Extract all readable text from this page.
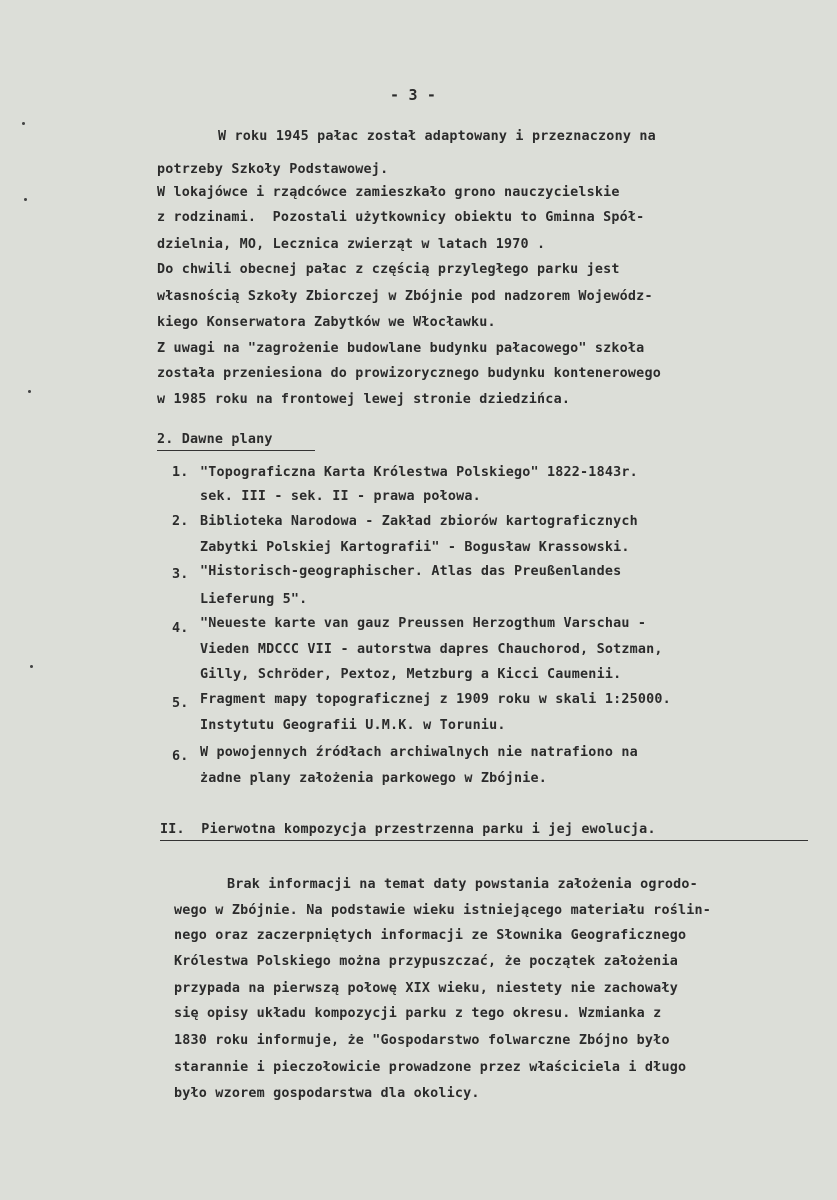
- 3 -
W roku 1945 pałac został adaptowany i przeznaczony na
potrzeby Szkoły Podstawowej.
W lokajówce i rządcówce zamieszkało grono nauczycielskie
z rodzinami.  Pozostali użytkownicy obiektu to Gminna Spół-
dzielnia, MO, Lecznica zwierząt w latach 1970 .
Do chwili obecnej pałac z częścią przyległego parku jest
własnością Szkoły Zbiorczej w Zbójnie pod nadzorem Wojewódz-
kiego Konserwatora Zabytków we Włocławku.
Z uwagi na "zagrożenie budowlane budynku pałacowego" szkoła
została przeniesiona do prowizorycznego budynku kontenerowego
w 1985 roku na frontowej lewej stronie dziedzińca.
2. Dawne plany
1. "Topograficzna Karta Królestwa Polskiego" 1822-1843r.
sek. III - sek. II - prawa połowa.
2. Biblioteka Narodowa - Zakład zbiorów kartograficznych
Zabytki Polskiej Kartografii" - Bogusław Krassowski.
3. "Historisch-geographischer. Atlas das Preußenlandes
Lieferung 5".
4. "Neueste karte van gauz Preussen Herzogthum Varschau -
Vieden MDCCC VII - autorstwa dapres Chauchorod, Sotzman,
Gilly, Schröder, Pextoz, Metzburg a Kicci Caumenii.
5. Fragment mapy topograficznej z 1909 roku w skali 1:25000.
Instytutu Geografii U.M.K. w Toruniu.
6. W powojennych źródłach archiwalnych nie natrafiono na
żadne plany założenia parkowego w Zbójnie.
II.  Pierwotna kompozycja przestrzenna parku i jej ewolucja.
Brak informacji na temat daty powstania założenia ogrodo-
wego w Zbójnie. Na podstawie wieku istniejącego materiału roślin-
nego oraz zaczerpniętych informacji ze Słownika Geograficznego
Królestwa Polskiego można przypuszczać, że początek założenia
przypada na pierwszą połowę XIX wieku, niestety nie zachowały
się opisy układu kompozycji parku z tego okresu. Wzmianka z
1830 roku informuje, że "Gospodarstwo folwarczne Zbójno było
starannie i pieczołowicie prowadzone przez właściciela i długo
było wzorem gospodarstwa dla okolicy.
